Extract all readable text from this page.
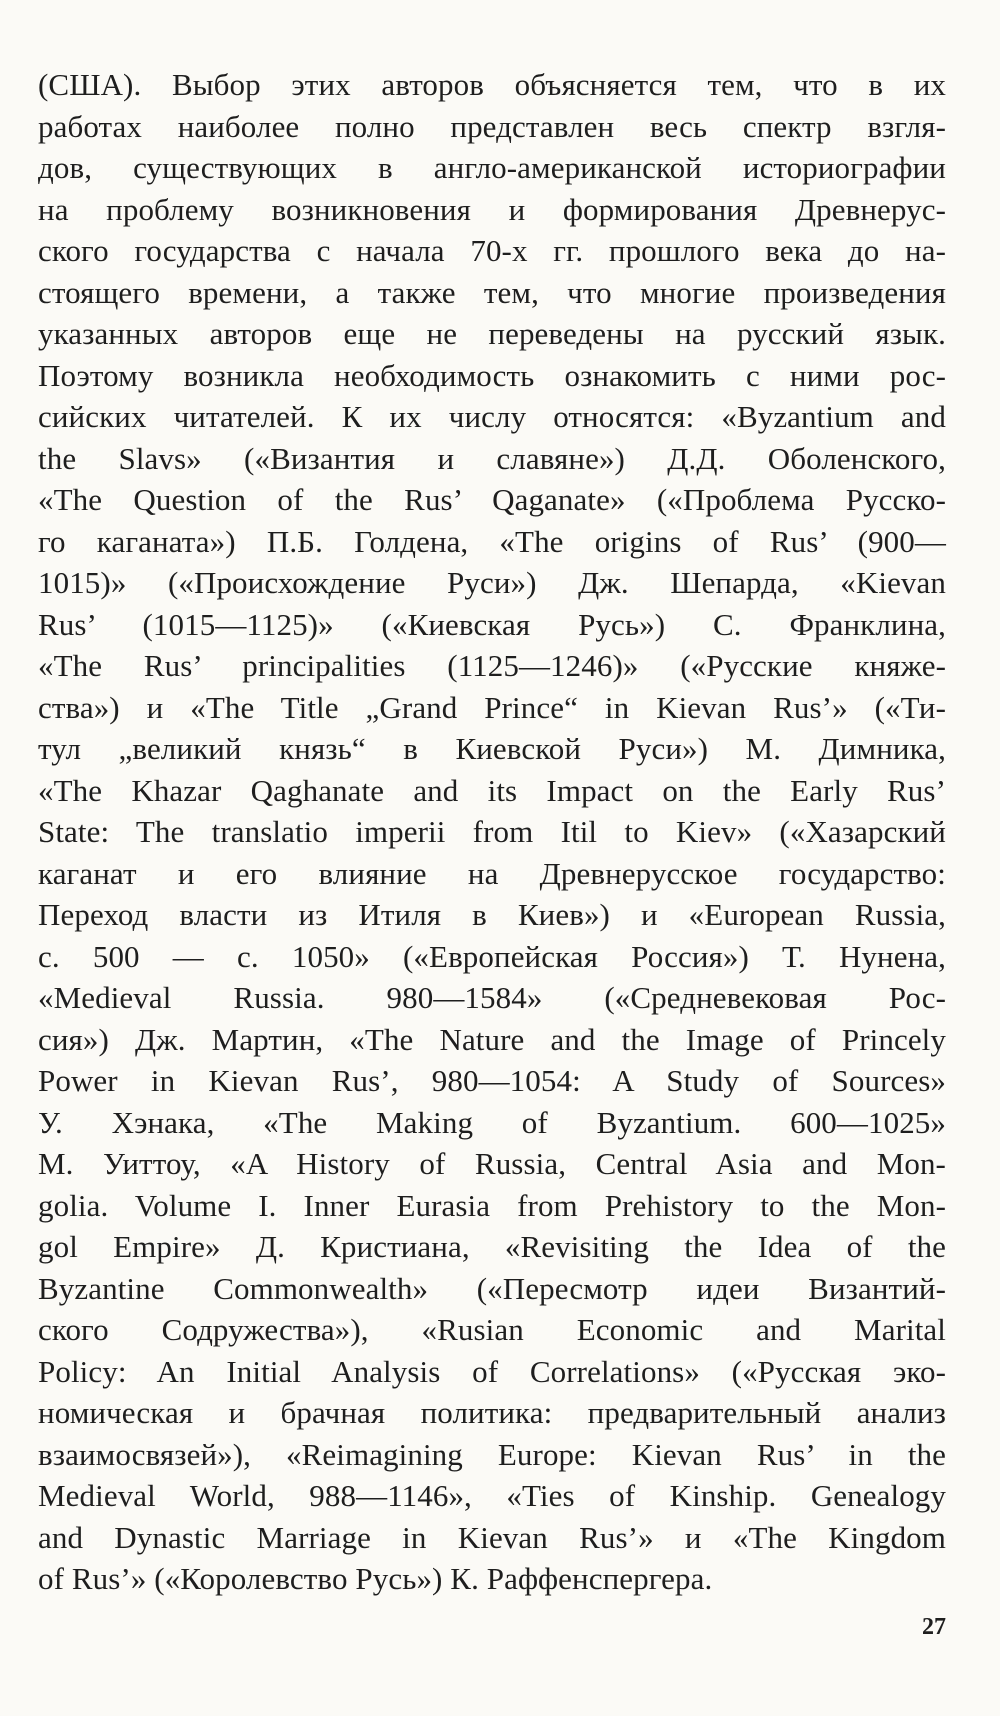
(США). Выбор этих авторов объясняется тем, что в их
работах наиболее полно представлен весь спектр взгля-
дов, существующих в англо-американской историографии
на проблему возникновения и формирования Древнерус-
ского государства с начала 70-х гг. прошлого века до на-
стоящего времени, а также тем, что многие произведения
указанных авторов еще не переведены на русский язык.
Поэтому возникла необходимость ознакомить с ними рос-
сийских читателей. К их числу относятся: «Byzantium and
the Slavs» («Византия и славяне») Д.Д. Оболенского,
«The Question of the Rus’ Qaganate» («Проблема Русско-
го каганата») П.Б. Голдена, «The origins of Rus’ (900—
1015)» («Происхождение Руси») Дж. Шепарда, «Kievan
Rus’ (1015—1125)» («Киевская Русь») С. Франклина,
«The Rus’ principalities (1125—1246)» («Русские княже-
ства») и «The Title „Grand Prince“ in Kievan Rus’» («Ти-
тул „великий князь“ в Киевской Руси») М. Димника,
«The Khazar Qaghanate and its Impact on the Early Rus’
State: The translatio imperii from Itil to Kiev» («Хазарский
каганат и его влияние на Древнерусское государство:
Переход власти из Итиля в Киев») и «European Russia,
c. 500 — c. 1050» («Европейская Россия») Т. Нунена,
«Medieval Russia. 980—1584» («Средневековая Рос-
сия») Дж. Мартин, «The Nature and the Image of Princely
Power in Kievan Rus’, 980—1054: A Study of Sources»
У. Хэнака, «The Making of Byzantium. 600—1025»
М. Уиттоу, «A History of Russia, Central Asia and Mon-
golia. Volume I. Inner Eurasia from Prehistory to the Mon-
gol Empire» Д. Кристиана, «Revisiting the Idea of the
Byzantine Commonwealth» («Пересмотр идеи Византий-
ского Содружества»), «Rusian Economic and Marital
Policy: An Initial Analysis of Correlations» («Русская эко-
номическая и брачная политика: предварительный анализ
взаимосвязей»), «Reimagining Europe: Kievan Rus’ in the
Medieval World, 988—1146», «Ties of Kinship. Genealogy
and Dynastic Marriage in Kievan Rus’» и «The Kingdom
of Rus’» («Королевство Русь») К. Раффенспергера.
27
